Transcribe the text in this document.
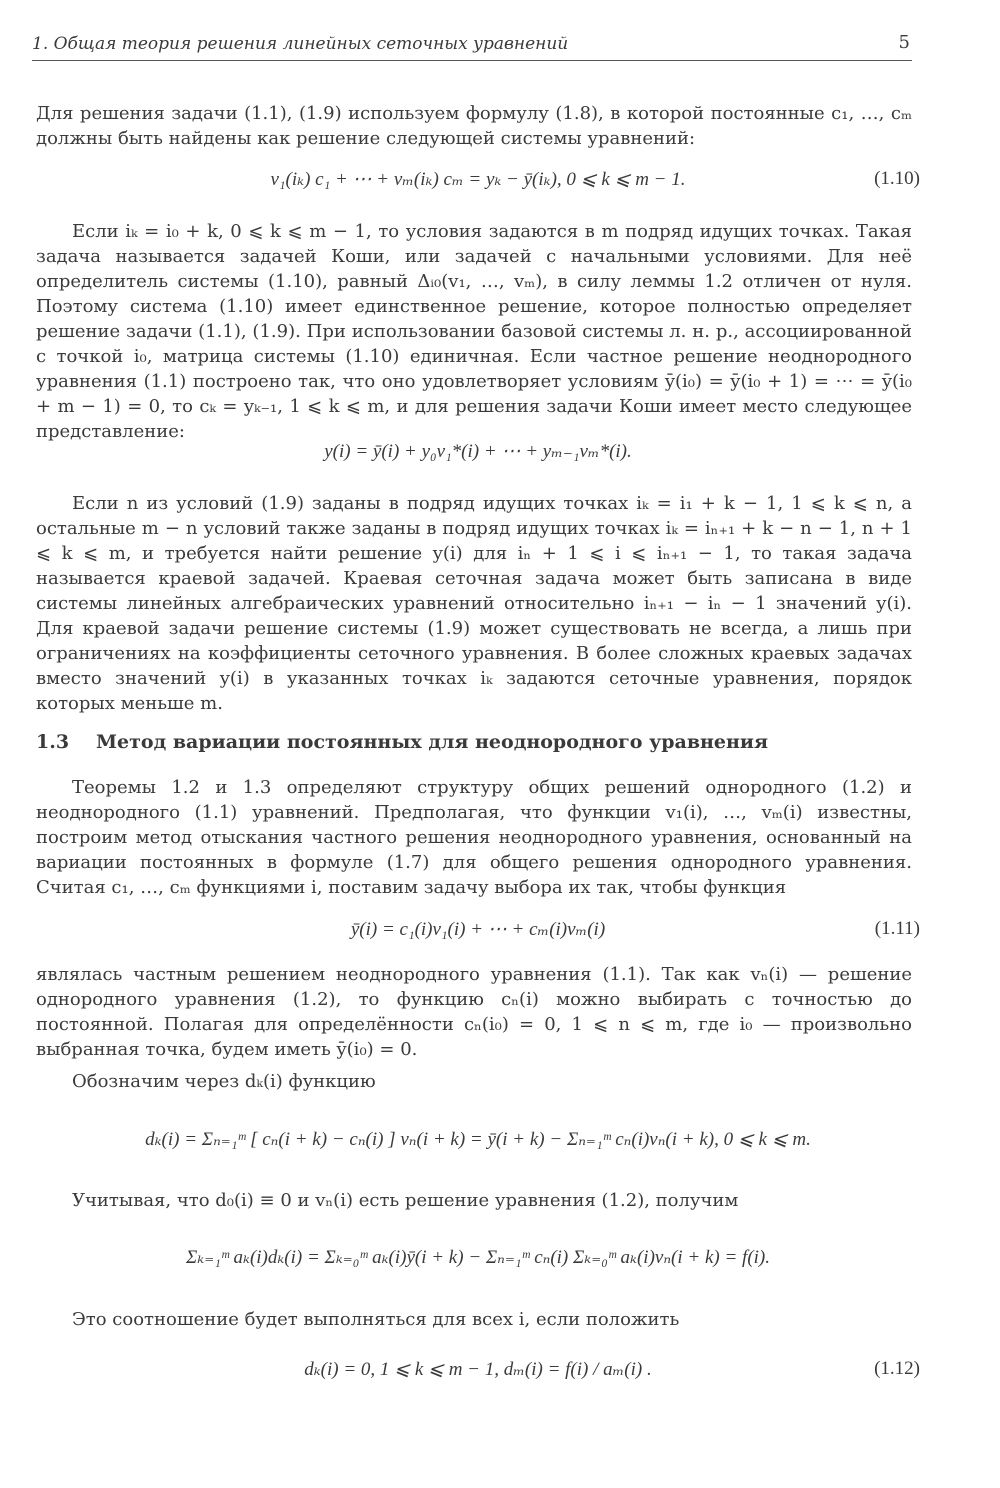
1. Общая теория решения линейных сеточных уравнений	5

Для решения задачи (1.1), (1.9) используем формулу (1.8), в которой постоянные c₁, …, cₘ должны быть найдены как решение следующей системы уравнений:

v₁(iₖ) c₁ + ⋯ + vₘ(iₖ) cₘ = yₖ − ȳ(iₖ), 0 ⩽ k ⩽ m − 1.	(1.10)

Если iₖ = i₀ + k, 0 ⩽ k ⩽ m − 1, то условия задаются в m подряд идущих точках. Такая задача называется задачей Коши, или задачей с начальными условиями. Для неё определитель системы (1.10), равный Δᵢ₀(v₁, …, vₘ), в силу леммы 1.2 отличен от нуля. Поэтому система (1.10) имеет единственное решение, которое полностью определяет решение задачи (1.1), (1.9). При использовании базовой системы л. н. р., ассоциированной с точкой i₀, матрица системы (1.10) единичная. Если частное решение неоднородного уравнения (1.1) построено так, что оно удовлетворяет условиям ȳ(i₀) = ȳ(i₀ + 1) = ⋯ = ȳ(i₀ + m − 1) = 0, то cₖ = yₖ₋₁, 1 ⩽ k ⩽ m, и для решения задачи Коши имеет место следующее представление:

y(i) = ȳ(i) + y₀v₁*(i) + ⋯ + yₘ₋₁vₘ*(i).

Если n из условий (1.9) заданы в подряд идущих точках iₖ = i₁ + k − 1, 1 ⩽ k ⩽ n, а остальные m − n условий также заданы в подряд идущих точках iₖ = iₙ₊₁ + k − n − 1, n + 1 ⩽ k ⩽ m, и требуется найти решение y(i) для iₙ + 1 ⩽ i ⩽ iₙ₊₁ − 1, то такая задача называется краевой задачей. Краевая сеточная задача может быть записана в виде системы линейных алгебраических уравнений относительно iₙ₊₁ − iₙ − 1 значений y(i). Для краевой задачи решение системы (1.9) может существовать не всегда, а лишь при ограничениях на коэффициенты сеточного уравнения. В более сложных краевых задачах вместо значений y(i) в указанных точках iₖ задаются сеточные уравнения, порядок которых меньше m.

1.3 Метод вариации постоянных для неоднородного уравнения

Теоремы 1.2 и 1.3 определяют структуру общих решений однородного (1.2) и неоднородного (1.1) уравнений. Предполагая, что функции v₁(i), …, vₘ(i) известны, построим метод отыскания частного решения неоднородного уравнения, основанный на вариации постоянных в формуле (1.7) для общего решения однородного уравнения. Считая c₁, …, cₘ функциями i, поставим задачу выбора их так, чтобы функция

ȳ(i) = c₁(i)v₁(i) + ⋯ + cₘ(i)vₘ(i)	(1.11)

являлась частным решением неоднородного уравнения (1.1). Так как vₙ(i) — решение однородного уравнения (1.2), то функцию cₙ(i) можно выбирать с точностью до постоянной. Полагая для определённости cₙ(i₀) = 0, 1 ⩽ n ⩽ m, где i₀ — произвольно выбранная точка, будем иметь ȳ(i₀) = 0.

Обозначим через dₖ(i) функцию

dₖ(i) = Σₙ₌₁ᵐ [ cₙ(i + k) − cₙ(i) ] vₙ(i + k) = ȳ(i + k) − Σₙ₌₁ᵐ cₙ(i)vₙ(i + k), 0 ⩽ k ⩽ m.

Учитывая, что d₀(i) ≡ 0 и vₙ(i) есть решение уравнения (1.2), получим

Σₖ₌₁ᵐ aₖ(i)dₖ(i) = Σₖ₌₀ᵐ aₖ(i)ȳ(i + k) − Σₙ₌₁ᵐ cₙ(i) Σₖ₌₀ᵐ aₖ(i)vₙ(i + k) = f(i).

Это соотношение будет выполняться для всех i, если положить

dₖ(i) = 0, 1 ⩽ k ⩽ m − 1, dₘ(i) = f(i) / aₘ(i) .	(1.12)
